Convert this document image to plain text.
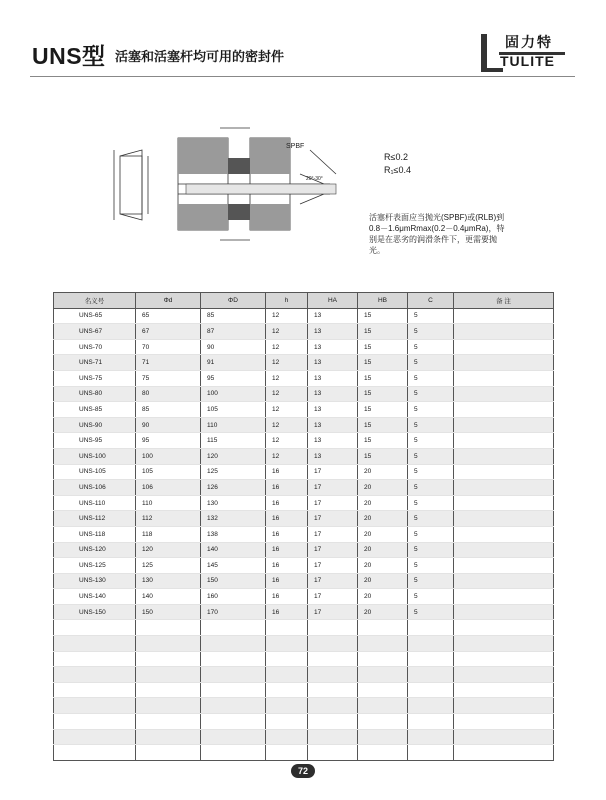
UNS型 活塞和活塞杆均可用的密封件
固力特
TULITE
SPBF
20°-30°
R≤0.2
R₁≤0.4
活塞杆表面应当抛光(SPBF)或(RLB)到0.8－1.6μmRmax(0.2－0.4μmRa)，特别是在恶劣的润滑条件下，更需要抛光。
名义号	Φd	ΦD	h	HA	HB	C	备 注
UNS-65	65	85	12	13	15	5	
UNS-67	67	87	12	13	15	5	
UNS-70	70	90	12	13	15	5	
UNS-71	71	91	12	13	15	5	
UNS-75	75	95	12	13	15	5	
UNS-80	80	100	12	13	15	5	
UNS-85	85	105	12	13	15	5	
UNS-90	90	110	12	13	15	5	
UNS-95	95	115	12	13	15	5	
UNS-100	100	120	12	13	15	5	
UNS-105	105	125	16	17	20	5	
UNS-106	106	126	16	17	20	5	
UNS-110	110	130	16	17	20	5	
UNS-112	112	132	16	17	20	5	
UNS-118	118	138	16	17	20	5	
UNS-120	120	140	16	17	20	5	
UNS-125	125	145	16	17	20	5	
UNS-130	130	150	16	17	20	5	
UNS-140	140	160	16	17	20	5	
UNS-150	150	170	16	17	20	5	

72
